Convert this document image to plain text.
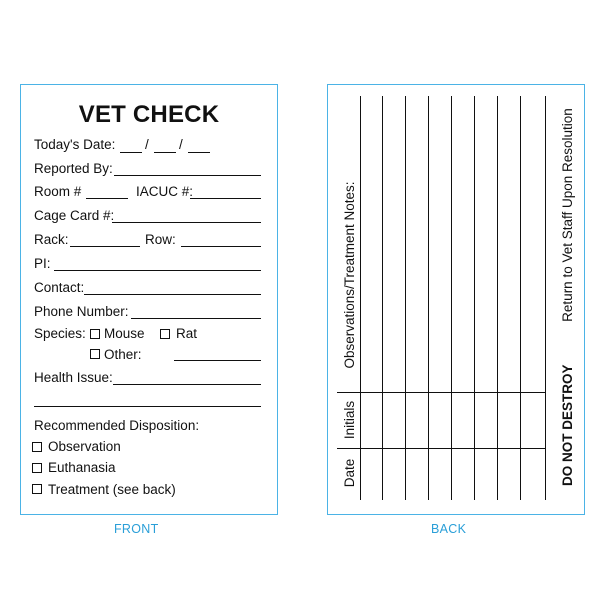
VET CHECK
Today's Date: / /
Reported By:
Room #	IACUC #:
Cage Card #:
Rack:	Row:
PI:
Contact:
Phone Number:
Species: Mouse Rat
Other:
Health Issue:
Recommended Disposition:
Observation
Euthanasia
Treatment (see back)
FRONT
Observations/Treatment Notes:
Initials
Date
Return to Vet Staff Upon Resolution
DO NOT DESTROY
BACK
